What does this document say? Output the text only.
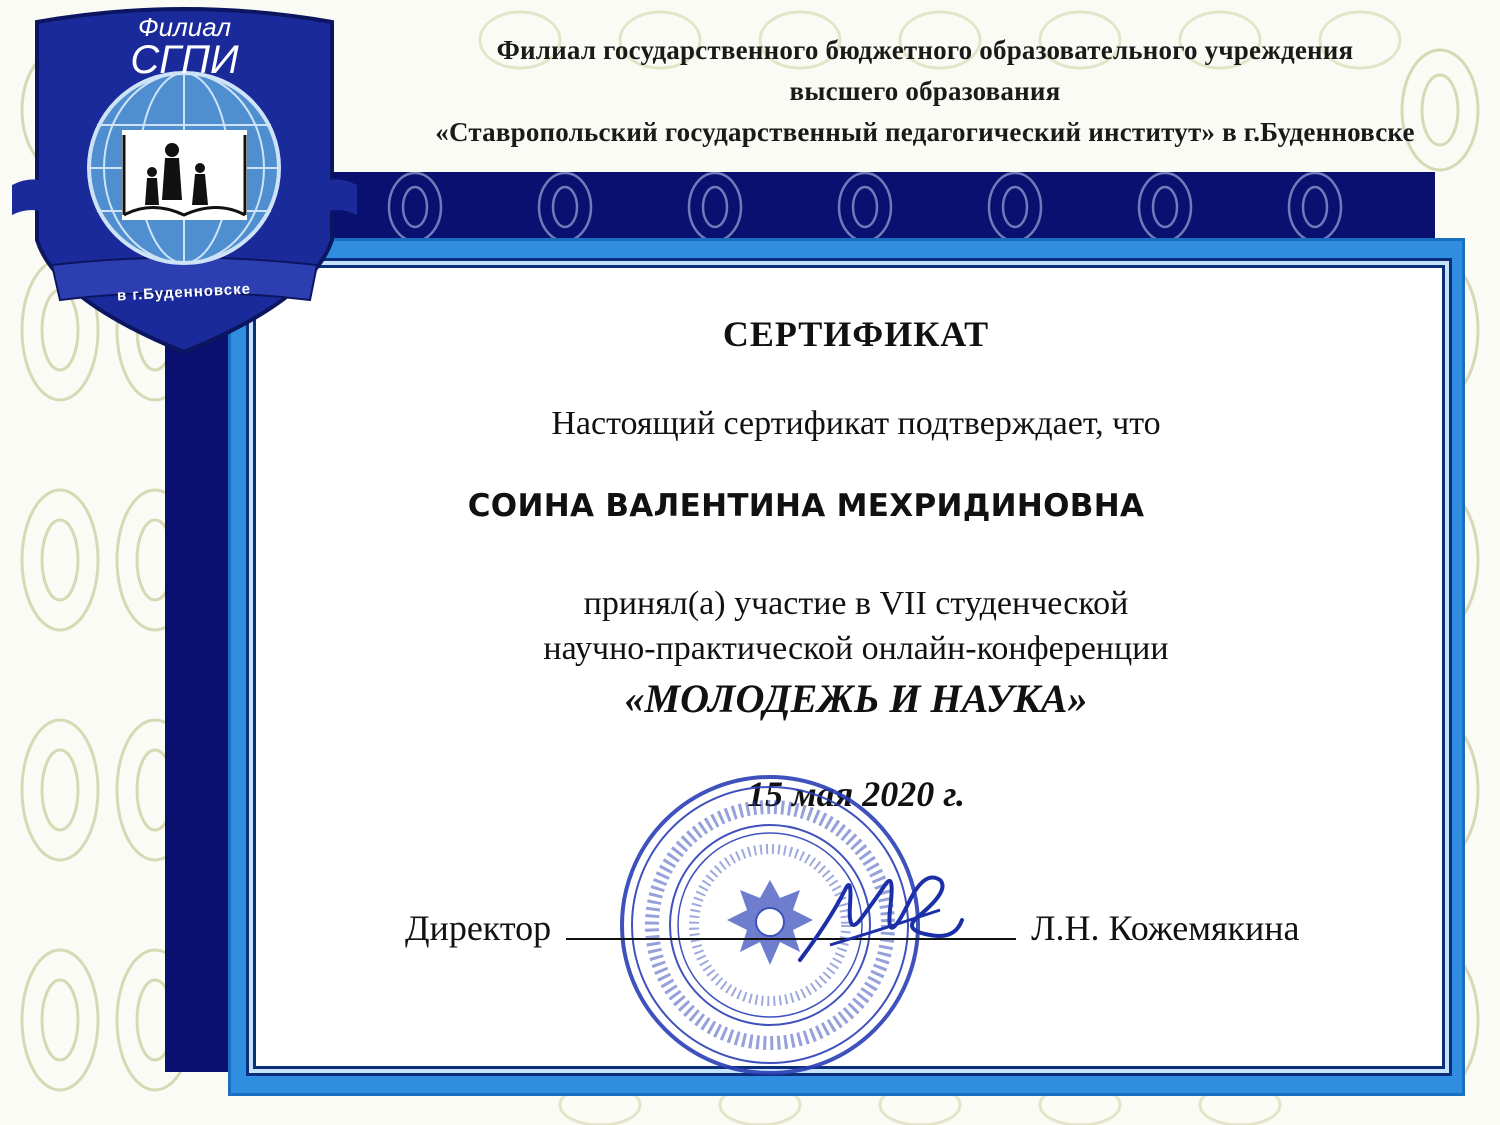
Филиал государственного бюджетного образовательного учреждения
высшего образования
«Ставропольский государственный педагогический институт» в г.Буденновске
Филиал
СГПИ
в г.Буденновске
СЕРТИФИКАТ
Настоящий сертификат подтверждает, что
СОИНА ВАЛЕНТИНА МЕХРИДИНОВНА
принял(а) участие в VII студенческой
научно-практической онлайн-конференции
«МОЛОДЕЖЬ И НАУКА»
15 мая 2020 г.
Директор	Л.Н. Кожемякина
